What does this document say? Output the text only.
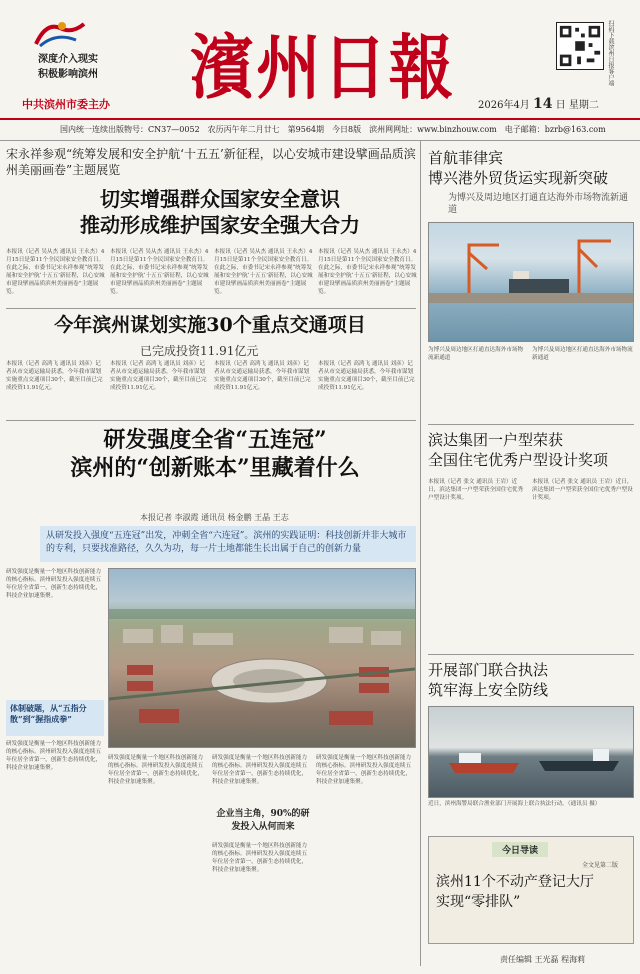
深度介入现实
积极影响滨州
中共滨州市委主办 濱州日報	扫码下载滨州日报客户端
2026年4月 14 日 星期二
国内统一连续出版物号：CN37—0052　农历丙午年二月廿七　第9564期　今日8版　滨州网网址：www.binzhouw.com　电子邮箱：bzrb@163.com
宋永祥参观“统筹发展和安全护航‘十五五’新征程，以心安城市建设擘画品质滨州美丽画卷”主题展览
切实增强群众国家安全意识
推动形成维护国家安全强大合力
本报讯（记者 吴从杰 通讯员 王永杰）4月15日是第11个全民国家安全教育日。在此之际，市委书记宋永祥参观“统筹发展和安全护航‘十五五’新征程，以心安城市建设擘画品质滨州美丽画卷”主题展览。
本报讯（记者 吴从杰 通讯员 王永杰）4月15日是第11个全民国家安全教育日。在此之际，市委书记宋永祥参观“统筹发展和安全护航‘十五五’新征程，以心安城市建设擘画品质滨州美丽画卷”主题展览。
本报讯（记者 吴从杰 通讯员 王永杰）4月15日是第11个全民国家安全教育日。在此之际，市委书记宋永祥参观“统筹发展和安全护航‘十五五’新征程，以心安城市建设擘画品质滨州美丽画卷”主题展览。
本报讯（记者 吴从杰 通讯员 王永杰）4月15日是第11个全民国家安全教育日。在此之际，市委书记宋永祥参观“统筹发展和安全护航‘十五五’新征程，以心安城市建设擘画品质滨州美丽画卷”主题展览。
今年滨州谋划实施30个重点交通项目
已完成投资11.91亿元
本报讯（记者 高鸿飞 通讯员 刘彦）记者从市交通运输局获悉，今年我市谋划实施重点交通项目30个，截至目前已完成投资11.91亿元。
本报讯（记者 高鸿飞 通讯员 刘彦）记者从市交通运输局获悉，今年我市谋划实施重点交通项目30个，截至目前已完成投资11.91亿元。
本报讯（记者 高鸿飞 通讯员 刘彦）记者从市交通运输局获悉，今年我市谋划实施重点交通项目30个，截至目前已完成投资11.91亿元。
本报讯（记者 高鸿飞 通讯员 刘彦）记者从市交通运输局获悉，今年我市谋划实施重点交通项目30个，截至目前已完成投资11.91亿元。
研发强度全省“五连冠”
滨州的“创新账本”里藏着什么
本报记者 李淑霞 通讯员 杨金鹏 王晶 王志
从研发投入强度“五连冠”出发，冲刺全省“六连冠”。滨州的实践证明：科技创新并非大城市的专利，只要找准路径，久久为功，每一片土地都能生长出属于自己的创新力量
研发强度是衡量一个地区科技创新能力的核心指标。滨州研发投入强度连续五年位居全省第一，创新生态持续优化，科技企业加速集聚。
体制破题，从“五指分散”到“握指成拳”
研发强度是衡量一个地区科技创新能力的核心指标。滨州研发投入强度连续五年位居全省第一，创新生态持续优化，科技企业加速集聚。
研发强度是衡量一个地区科技创新能力的核心指标。滨州研发投入强度连续五年位居全省第一，创新生态持续优化，科技企业加速集聚。
研发强度是衡量一个地区科技创新能力的核心指标。滨州研发投入强度连续五年位居全省第一，创新生态持续优化，科技企业加速集聚。
企业当主角，90%的研发投入从何而来
研发强度是衡量一个地区科技创新能力的核心指标。滨州研发投入强度连续五年位居全省第一，创新生态持续优化，科技企业加速集聚。
研发强度是衡量一个地区科技创新能力的核心指标。滨州研发投入强度连续五年位居全省第一，创新生态持续优化，科技企业加速集聚。
首航菲律宾
博兴港外贸货运实现新突破
为博兴及周边地区打通直达海外市场物流新通道
为博兴及周边地区打通直达海外市场物流新通道
为博兴及周边地区打通直达海外市场物流新通道
滨达集团一户型荣获
全国住宅优秀户型设计奖项
本报讯（记者 张文 通讯员 王岩）近日，滨达集团一户型荣获全国住宅优秀户型设计奖项。
本报讯（记者 张文 通讯员 王岩）近日，滨达集团一户型荣获全国住宅优秀户型设计奖项。
开展部门联合执法
筑牢海上安全防线
近日，滨州海警局联合渔业部门开展海上联合执法行动。（通讯员 摄）
今日导读
全文见第二版
滨州11个不动产登记大厅
实现“零排队”
责任编辑 王光磊 程海莉
